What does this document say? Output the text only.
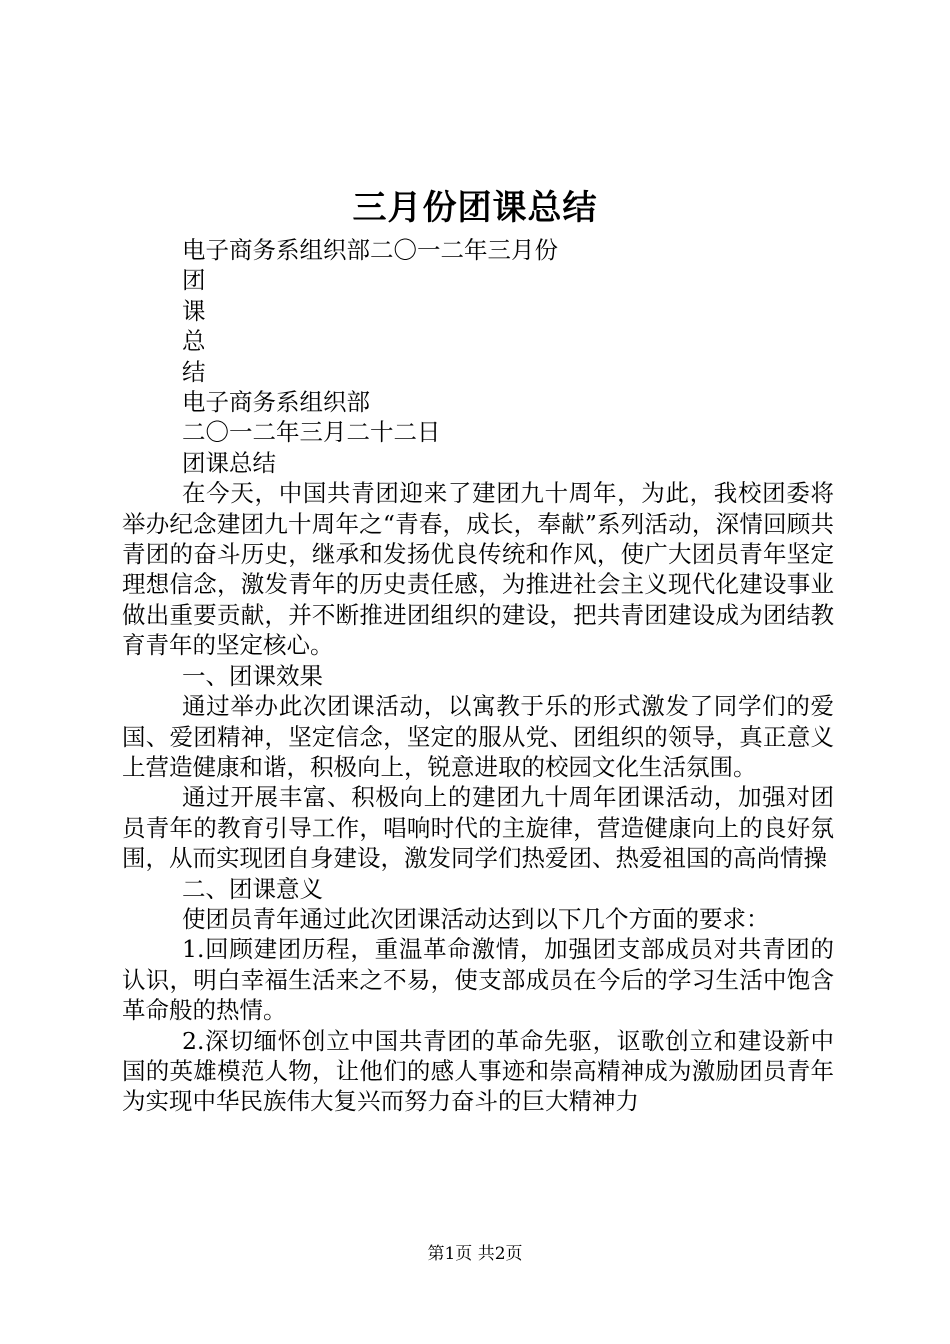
三月份团课总结
电子商务系组织部二〇一二年三月份
团
课
总
结
电子商务系组织部
二〇一二年三月二十二日
团课总结
在今天，中国共青团迎来了建团九十周年，为此，我校团委将举办纪念建团九十周年之“青春，成长，奉献”系列活动，深情回顾共青团的奋斗历史，继承和发扬优良传统和作风，使广大团员青年坚定理想信念，激发青年的历史责任感，为推进社会主义现代化建设事业做出重要贡献，并不断推进团组织的建设，把共青团建设成为团结教育青年的坚定核心。
一、团课效果
通过举办此次团课活动，以寓教于乐的形式激发了同学们的爱国、爱团精神，坚定信念，坚定的服从党、团组织的领导，真正意义上营造健康和谐，积极向上，锐意进取的校园文化生活氛围。
通过开展丰富、积极向上的建团九十周年团课活动，加强对团员青年的教育引导工作，唱响时代的主旋律，营造健康向上的良好氛围，从而实现团自身建设，激发同学们热爱团、热爱祖国的高尚情操
二、团课意义
使团员青年通过此次团课活动达到以下几个方面的要求：
1.回顾建团历程，重温革命激情，加强团支部成员对共青团的认识，明白幸福生活来之不易，使支部成员在今后的学习生活中饱含革命般的热情。
2.深切缅怀创立中国共青团的革命先驱，讴歌创立和建设新中国的英雄模范人物，让他们的感人事迹和崇高精神成为激励团员青年为实现中华民族伟大复兴而努力奋斗的巨大精神力
第1页 共2页
